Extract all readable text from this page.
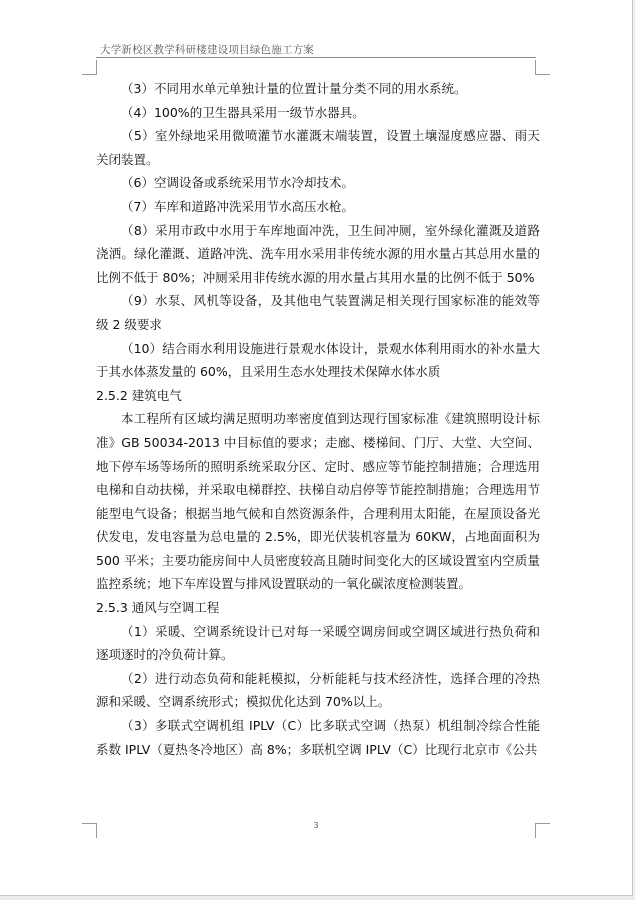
大学新校区教学科研楼建设项目绿色施工方案

（3）不同用水单元单独计量的位置计量分类不同的用水系统。

（4）100%的卫生器具采用一级节水器具。

（5）室外绿地采用微喷灌节水灌溉末端装置，设置土壤湿度感应器、雨天关闭装置。

（6）空调设备或系统采用节水冷却技术。

（7）车库和道路冲洗采用节水高压水枪。

（8）采用市政中水用于车库地面冲洗，卫生间冲厕，室外绿化灌溉及道路浇洒。绿化灌溉、道路冲洗、洗车用水采用非传统水源的用水量占其总用水量的比例不低于 80%；冲厕采用非传统水源的用水量占其用水量的比例不低于 50%

（9）水泵、风机等设备，及其他电气装置满足相关现行国家标准的能效等级 2 级要求

（10）结合雨水利用设施进行景观水体设计，景观水体利用雨水的补水量大于其水体蒸发量的 60%，且采用生态水处理技术保障水体水质

2.5.2 建筑电气

本工程所有区域均满足照明功率密度值到达现行国家标准《建筑照明设计标准》GB 50034-2013 中目标值的要求；走廊、楼梯间、门厅、大堂、大空间、地下停车场等场所的照明系统采取分区、定时、感应等节能控制措施；合理选用电梯和自动扶梯，并采取电梯群控、扶梯自动启停等节能控制措施；合理选用节能型电气设备；根据当地气候和自然资源条件，合理利用太阳能，在屋顶设备光伏发电，发电容量为总电量的 2.5%，即光伏装机容量为 60KW，占地面面积为 500 平米；主要功能房间中人员密度较高且随时间变化大的区域设置室内空质量监控系统；地下车库设置与排风设置联动的一氧化碳浓度检测装置。

2.5.3 通风与空调工程

（1）采暖、空调系统设计已对每一采暖空调房间或空调区域进行热负荷和逐项逐时的冷负荷计算。

（2）进行动态负荷和能耗模拟，分析能耗与技术经济性，选择合理的冷热源和采暖、空调系统形式；模拟优化达到 70%以上。

（3）多联式空调机组 IPLV（C）比多联式空调（热泵）机组制冷综合性能系数 IPLV（夏热冬冷地区）高 8%；多联机空调 IPLV（C）比现行北京市《公共

3
